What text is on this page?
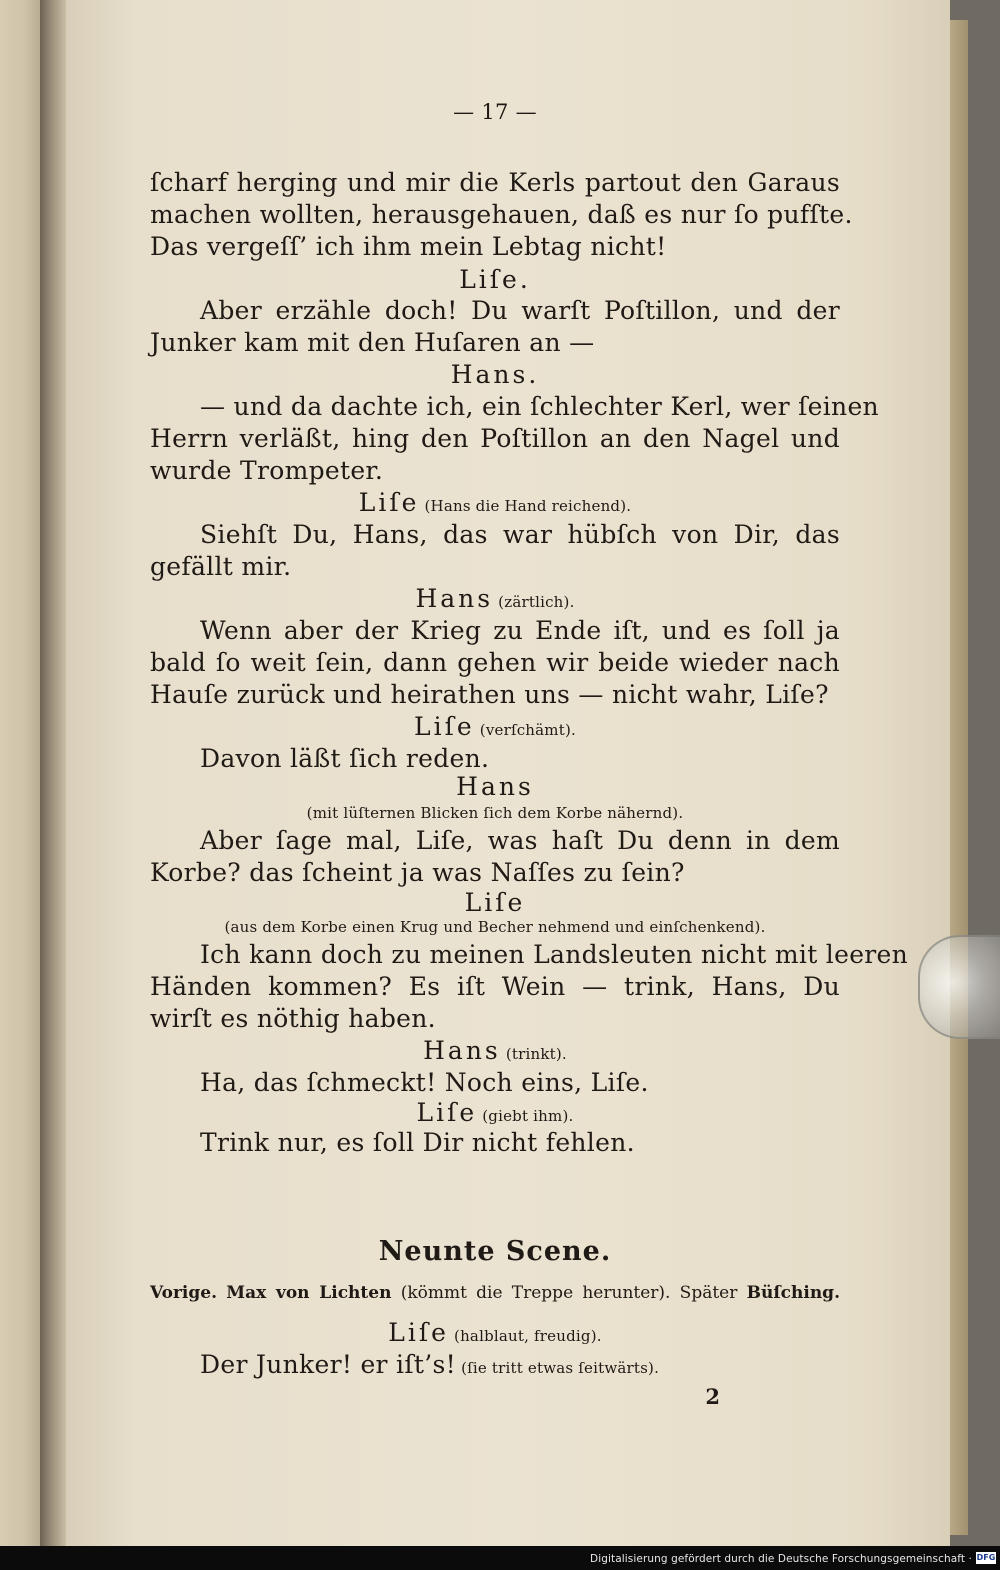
— 17 —
ſcharf herging und mir die Kerls partout den Garaus
machen wollten, herausgehauen, daß es nur ſo pufſte.
Das vergeſſ’ ich ihm mein Lebtag nicht!
Liſe.
Aber erzähle doch! Du warſt Poſtillon, und der
Junker kam mit den Huſaren an —
Hans.
— und da dachte ich, ein ſchlechter Kerl, wer ſeinen
Herrn verläßt, hing den Poſtillon an den Nagel und
wurde Trompeter.
Liſe (Hans die Hand reichend).
Siehſt Du, Hans, das war hübſch von Dir, das
gefällt mir.
Hans (zärtlich).
Wenn aber der Krieg zu Ende iſt, und es ſoll ja
bald ſo weit ſein, dann gehen wir beide wieder nach
Hauſe zurück und heirathen uns — nicht wahr, Liſe?
Liſe (verſchämt).
Davon läßt ſich reden.
Hans
(mit lüſternen Blicken ſich dem Korbe nähernd).
Aber ſage mal, Liſe, was haſt Du denn in dem
Korbe? das ſcheint ja was Naſſes zu ſein?
Liſe
(aus dem Korbe einen Krug und Becher nehmend und einſchenkend).
Ich kann doch zu meinen Landsleuten nicht mit leeren
Händen kommen? Es iſt Wein — trink, Hans, Du
wirſt es nöthig haben.
Hans (trinkt).
Ha, das ſchmeckt! Noch eins, Liſe.
Liſe (giebt ihm).
Trink nur, es ſoll Dir nicht fehlen.
Neunte Scene.
Vorige. Max von Lichten (kömmt die Treppe herunter). Später Büſching.
Liſe (halblaut, freudig).
Der Junker! er iſt’s! (ſie tritt etwas ſeitwärts).
2
Digitalisierung gefördert durch die Deutsche Forschungsgemeinschaft · DFG
